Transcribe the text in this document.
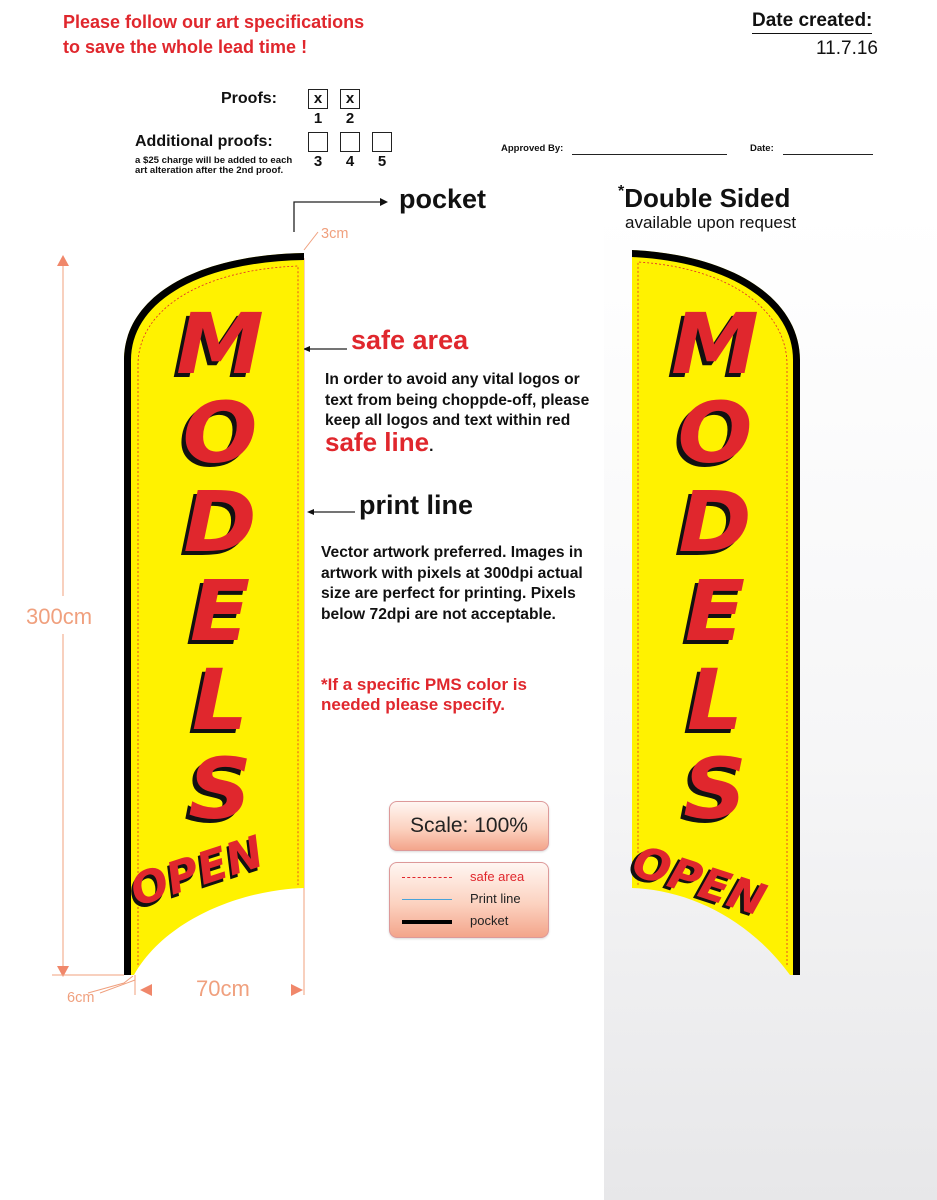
Please follow our art specifications
to save the whole lead time !
Date created:
11.7.16
Proofs:	x	x
1	2
Additional proofs:
3	4	5
a $25 charge will be added to each art alteration after the 2nd proof.
Approved By:	Date:
pocket
3cm
safe area
In order to avoid any vital logos or text from being choppde-off, please keep all logos and text within red safe line.
print line
Vector artwork preferred. Images in artwork with pixels at 300dpi actual size are perfect for printing. Pixels below 72dpi are not acceptable.
*If a specific PMS color is needed please specify.
*Double Sided
available upon request
300cm
70cm
6cm
M
O
D
E
L
S
OPEN
M
O
D
E
L
S
OPEN
Scale: 100%
safe area
Print line
pocket
